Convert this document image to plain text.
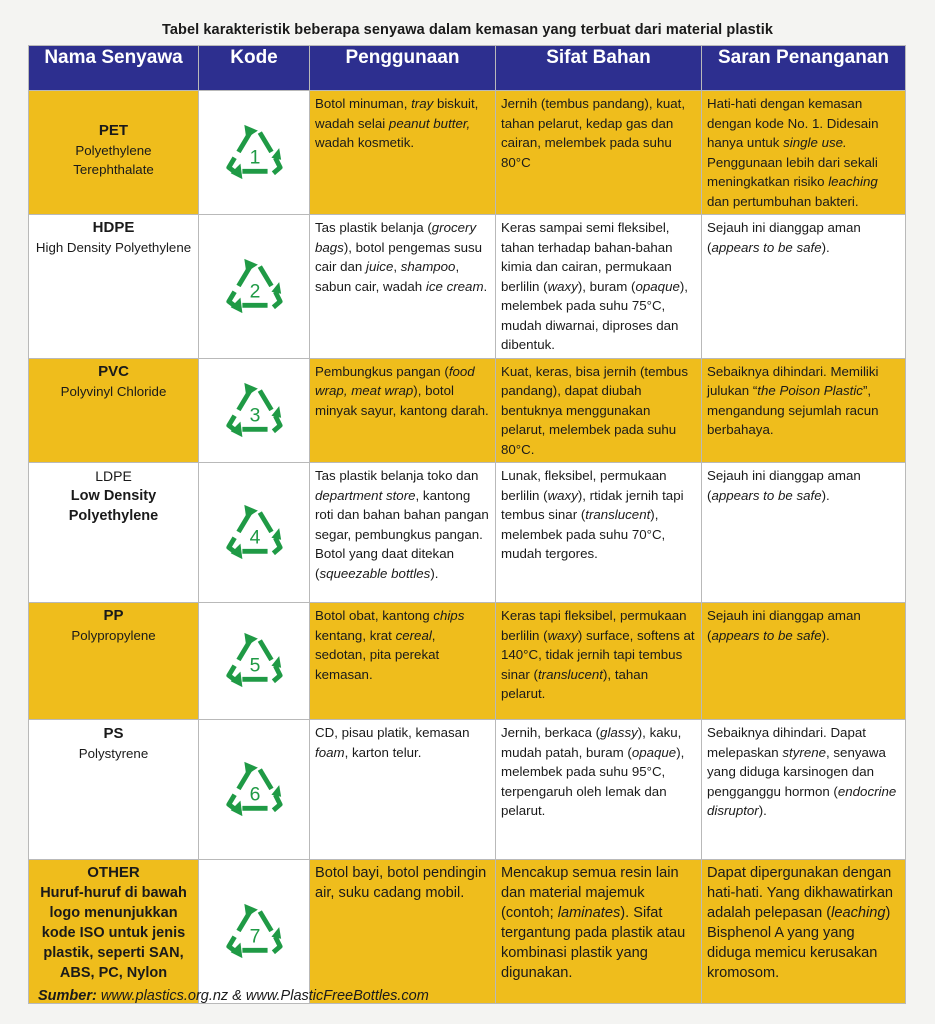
Tabel karakteristik beberapa senyawa dalam kemasan yang terbuat dari material plastik
Nama Senyawa	Kode	Penggunaan	Sifat Bahan	Saran Penanganan

PET
Polyethylene
Terephthalate	1	Botol minuman, tray biskuit, wadah selai peanut butter, wadah kosmetik.	Jernih (tembus pandang), kuat, tahan pelarut, kedap gas dan cairan, melembek pada suhu 80°C	Hati-hati dengan kemasan dengan kode No. 1. Didesain hanya untuk single use. Penggunaan lebih dari sekali meningkatkan risiko leaching dan pertumbuhan bakteri.

HDPE
High Density Polyethylene	2	Tas plastik belanja (grocery bags), botol pengemas susu cair dan juice, shampoo, sabun cair, wadah ice cream.	Keras sampai semi fleksibel, tahan terhadap bahan-bahan kimia dan cairan, permukaan berlilin (waxy), buram (opaque), melembek pada suhu 75°C, mudah diwarnai, diproses dan dibentuk.	Sejauh ini dianggap aman (appears to be safe).

PVC
Polyvinyl Chloride	3	Pembungkus pangan (food wrap, meat wrap), botol minyak sayur, kantong darah.	Kuat, keras, bisa jernih (tembus pandang), dapat diubah bentuknya menggunakan pelarut, melembek pada suhu 80°C.	Sebaiknya dihindari. Memiliki julukan “the Poison Plastic”, mengandung sejumlah racun berbahaya.

LDPE
Low Density Polyethylene	4	Tas plastik belanja toko dan department store, kantong roti dan bahan bahan pangan segar, pembungkus pangan. Botol yang daat ditekan (squeezable bottles).	Lunak, fleksibel, permukaan berlilin (waxy), rtidak jernih tapi tembus sinar (translucent), melembek pada suhu 70°C, mudah tergores.	Sejauh ini dianggap aman (appears to be safe).

PP
Polypropylene	5	Botol obat, kantong chips kentang, krat cereal, sedotan, pita perekat kemasan.	Keras tapi fleksibel, permukaan berlilin (waxy) surface, softens at 140°C, tidak jernih tapi tembus sinar (translucent), tahan pelarut.	Sejauh ini dianggap aman (appears to be safe).

PS
Polystyrene	6	CD, pisau platik, kemasan foam, karton telur.	Jernih, berkaca (glassy), kaku, mudah patah, buram (opaque), melembek pada suhu 95°C, terpengaruh oleh lemak dan pelarut.	Sebaiknya dihindari. Dapat melepaskan styrene, senyawa yang diduga karsinogen dan pengganggu hormon (endocrine disruptor).

OTHER
Huruf-huruf di bawah logo menunjukkan kode ISO untuk jenis plastik, seperti SAN, ABS, PC, Nylon	7	Botol bayi, botol pendingin air, suku cadang mobil.	Mencakup semua resin lain dan material majemuk (contoh; laminates). Sifat tergantung pada plastik atau kombinasi plastik yang digunakan.	Dapat dipergunakan dengan hati-hati. Yang dikhawatirkan adalah pelepasan (leaching) Bisphenol A yang yang diduga memicu kerusakan kromosom.
Sumber: www.plastics.org.nz & www.PlasticFreeBottles.com
